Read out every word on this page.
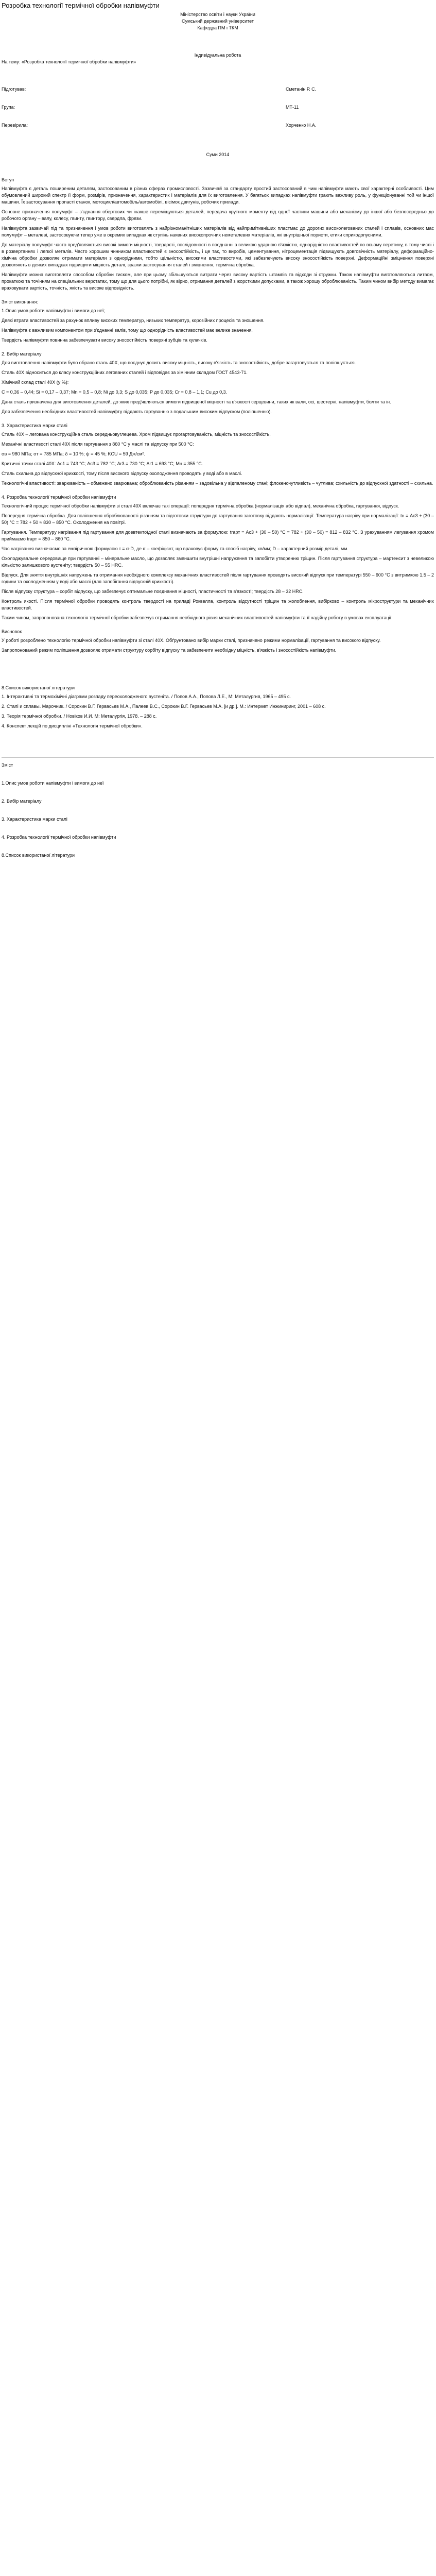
Розробка технології термічної обробки напівмуфти

Міністерство освіти і науки України

Сумський державний університет

Кафедра ПМ і ТКМ

Індивідуальна робота

На тему: «Розробка технології термічної обробки напівмуфти»

Підготував:	Сметанін Р. С.
Група:	МТ-11
Перевірила:	Хорченко Н.А.

Суми 2014

Вступ

Напівмуфта є деталь поширеним деталям, застосованим в різних сферах промисловості. Зазвичай за стандарту простий застосований в чим напівмуфти мають свої характерні особливості. Цим обумовлений широкий спектр її форм, розмірів, призначення, характеристик і матеріалів для їх виготовлення. У багатьох випадках напівмуфти грають важливу роль, у функціонуванні той чи іншої машини. Їх застосування пропасті станок, мотоцикл/автомобіль/автомобілі, вісімок двигунів, робочих прилади.

Основне призначення полумуфт – з'єднання обертових чи інакше переміщуються деталей, передача крутного моменту від одної частини машини або механізму до іншої або безпосередньо до робочого органу – валу, колесу, гвинту, гвинтору, свердла, фрези.

Напівмуфта зазвичай під та призначення і умов роботи виготовлять з найрізноманітніших матеріалів від найпримітивніших пластмас до дорогих високолегованих сталей і сплавів, основних мас полумуфт – металеві, застосовуючи тепер уже в окремих випадках як ступінь наявних високопрочних неметалевих матеріалів, які внутрішньої пористи, етики сприкодопусними.

До матеріалу полумуфт часто пред'являються високі вимоги міцності, твердості, послідовності в поєднанні з великою ударною в'язкістю, однорідністю властивостей по всьому перетину, в тому числі і в розвертаннях і легкої металів. Часто хорошим чинником властивостей є зносостійкість, і це так, то виробів, цементування, нітроцементація підвищують довговічність матеріалу, деформаційно-хімічна обробки дозволяє отримати матеріали з однорідними, тобто щільністю, високими властивостями, які забезпечують високу зносостійкість поверхні. Деформаційні зміцнення поверхні дозволяють в деяких випадках підвищити міцність деталі, зразки застосування сталей і зміцнення, термічна обробка.

Напівмуфти можна виготовляти способом обробки тиском, але при цьому збільшуються витрати через високу вартість штампів та відходи зі стружки. Також напівмуфти виготовляються литвом, прокаткою та точінням на спеціальних верстатах, тому що для цього потрібні, як вірно, отримання деталей з жорсткими допусками, а також хорошу оброблюваність. Таким чином вибір методу вимагає враховувати вартість, точність, якість та високе відповідність.

Зміст виконання:

1.Опис умов роботи напівмуфти і вимоги до неї;

Деякі втрати властивостей за рахунок впливу високих температур, низьких температур, корозійних процесів та зношення.

Напівмуфта є важливим компонентом при з'єднанні валів, тому що однорідність властивостей має велике значення.

Твердість напівмуфти повинна забезпечувати високу зносостійкість поверхні зубців та кулачків.

2. Вибір матеріалу

Для виготовлення напівмуфти було обрано сталь 40Х, що поєднує досить високу міцність, високу в'язкість та зносостійкість, добре загартовується та поліпшується.

Сталь 40Х відноситься до класу конструкційних легованих сталей і відповідає за хімічним складом ГОСТ 4543-71.

Хімічний склад сталі 40Х (у %):

C = 0,36 – 0,44; Si = 0,17 – 0,37; Mn = 0,5 – 0,8; Ni до 0,3; S до 0,035; P до 0,035; Cr = 0,8 – 1,1; Cu до 0,3.

Дана сталь призначена для виготовлення деталей, до яких пред'являються вимоги підвищеної міцності та в'язкості серцевини, таких як вали, осі, шестерні, напівмуфти, болти та ін.

Для забезпечення необхідних властивостей напівмуфту піддають гартуванню з подальшим високим відпуском (поліпшенню).

3. Характеристика марки сталі

Сталь 40Х – легована конструкційна сталь середньовуглецева. Хром підвищує прогартовуваність, міцність та зносостійкість.

Механічні властивості сталі 40Х після гартування з 860 °С у маслі та відпуску при 500 °С:

σв = 980 МПа; σт = 785 МПа; δ = 10 %; ψ = 45 %; KCU = 59 Дж/см².

Критичні точки сталі 40Х: Ac1 = 743 °С; Ac3 = 782 °С; Ar3 = 730 °С; Ar1 = 693 °С; Mн = 355 °С.

Сталь схильна до відпускної крихкості, тому після високого відпуску охолодження проводять у воді або в маслі.

Технологічні властивості: зварюваність – обмежено зварювана; оброблюваність різанням – задовільна у відпаленому стані; флокеночутливість – чутлива; схильність до відпускної здатності – схильна.

4. Розробка технології термічної обробки напівмуфти

Технологічний процес термічної обробки напівмуфти зі сталі 40Х включає такі операції: попередня термічна обробка (нормалізація або відпал), механічна обробка, гартування, відпуск.

Попередня термічна обробка. Для поліпшення оброблюваності різанням та підготовки структури до гартування заготовку піддають нормалізації. Температура нагріву при нормалізації: tн = Ac3 + (30 – 50) °С = 782 + 50 ≈ 830 – 850 °С. Охолодження на повітрі.

Гартування. Температуру нагрівання під гартування для доевтектоїдної сталі визначають за формулою: tгарт = Ac3 + (30 – 50) °С = 782 + (30 – 50) = 812 – 832 °С. З урахуванням легування хромом приймаємо tгарт = 850 – 860 °С.

Час нагрівання визначаємо за емпіричною формулою τ = α·D, де α – коефіцієнт, що враховує форму та спосіб нагріву, хв/мм; D – характерний розмір деталі, мм.

Охолоджувальне середовище при гартуванні – мінеральне масло, що дозволяє зменшити внутрішні напруження та запобігти утворенню тріщин. Після гартування структура – мартенсит з невеликою кількістю залишкового аустеніту; твердість 50 – 55 HRC.

Відпуск. Для зняття внутрішніх напружень та отримання необхідного комплексу механічних властивостей після гартування проводять високий відпуск при температурі 550 – 600 °С з витримкою 1,5 – 2 години та охолодженням у воді або маслі (для запобігання відпускній крихкості).

Після відпуску структура – сорбіт відпуску, що забезпечує оптимальне поєднання міцності, пластичності та в'язкості; твердість 28 – 32 HRC.

Контроль якості. Після термічної обробки проводять контроль твердості на приладі Роквелла, контроль відсутності тріщин та жолоблення, вибірково – контроль мікроструктури та механічних властивостей.

Таким чином, запропонована технологія термічної обробки забезпечує отримання необхідного рівня механічних властивостей напівмуфти та її надійну роботу в умовах експлуатації.

Висновок

У роботі розроблено технологію термічної обробки напівмуфти зі сталі 40Х. Обґрунтовано вибір марки сталі, призначено режими нормалізації, гартування та високого відпуску.

Запропонований режим поліпшення дозволяє отримати структуру сорбіту відпуску та забезпечити необхідну міцність, в'язкість і зносостійкість напівмуфти.

8.Список використаної літератури

1. Інтерактивні та термохімічні діаграми розпаду переохолодженого аустеніта. / Попов А.А., Попова Л.Е., М: Металургия, 1965 – 495 с.

2. Сталі и сплавы. Марочник. / Сорокин В.Г. Гервасьев М.А., Палеев В.С., Сорокин В.Г. Гервасьев М.А. [и др.]. М.: Интермет Инжиниринг, 2001 – 608 с.

3. Теорія термічної обробки. / Новіков И.И. М: Металургія, 1978. – 288 с.

4. Конспект лекцій по дисципліні «Технологія термічної обробки».

Зміст

1.Опис умов роботи напівмуфти і вимоги до неї

2. Вибір матеріалу

3. Характеристика марки сталі

4. Розробка технології термічної обробки напівмуфти

8.Список використаної літератури
